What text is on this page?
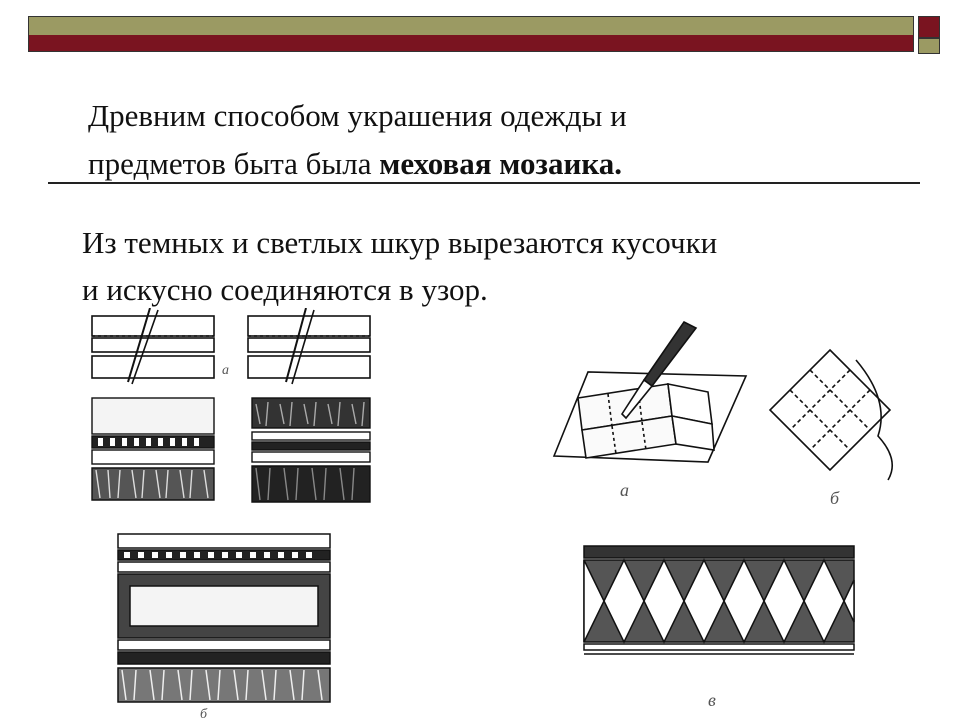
Древним способом украшения одежды и
предметов быта была меховая мозаика.

Из темных и светлых шкур вырезаются кусочки
и искусно соединяются в узор.

а
б
а	б
в
